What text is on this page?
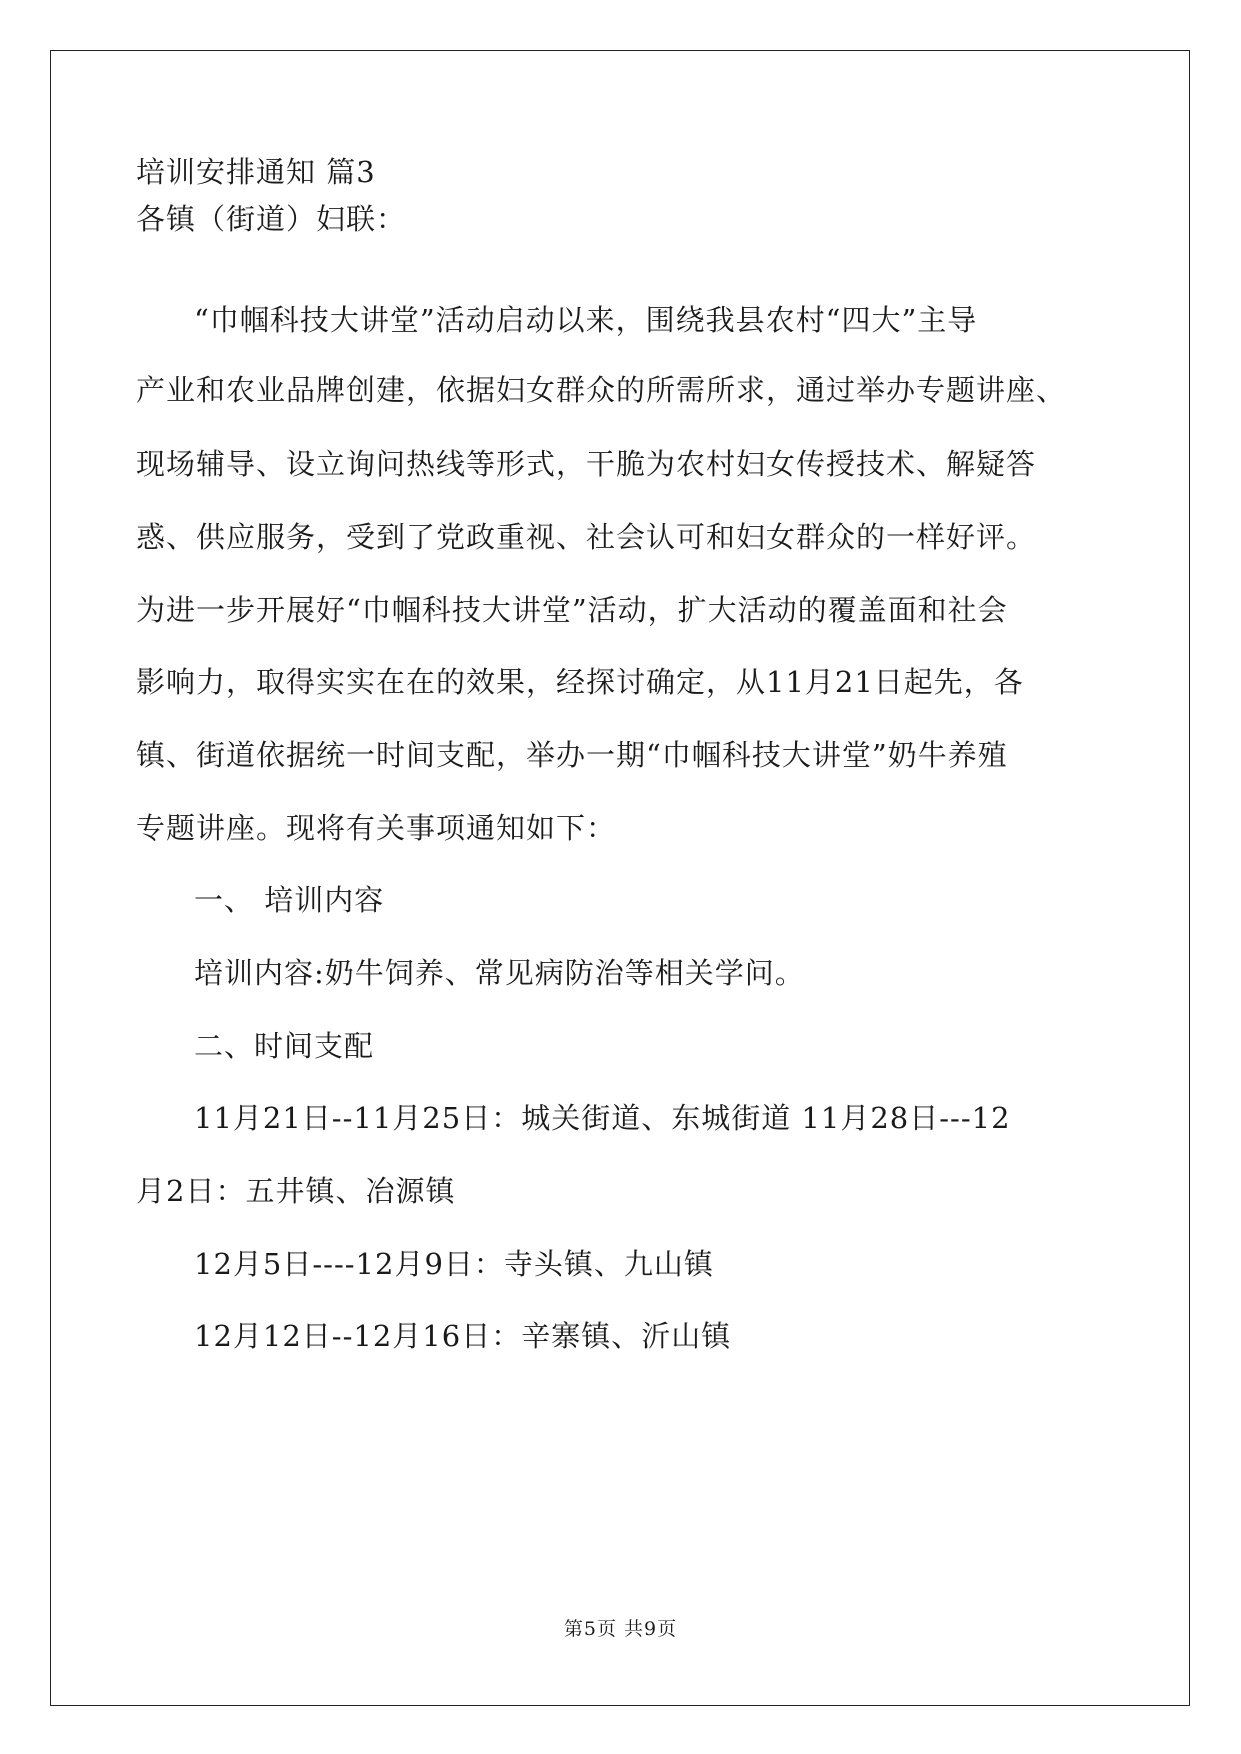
培训安排通知 篇3
各镇（街道）妇联：
“巾帼科技大讲堂”活动启动以来，围绕我县农村“四大”主导
产业和农业品牌创建，依据妇女群众的所需所求，通过举办专题讲座、
现场辅导、设立询问热线等形式，干脆为农村妇女传授技术、解疑答
惑、供应服务，受到了党政重视、社会认可和妇女群众的一样好评。
为进一步开展好“巾帼科技大讲堂”活动，扩大活动的覆盖面和社会
影响力，取得实实在在的效果，经探讨确定，从11月21日起先，各
镇、街道依据统一时间支配，举办一期“巾帼科技大讲堂”奶牛养殖
专题讲座。现将有关事项通知如下：
一、 培训内容
培训内容:奶牛饲养、常见病防治等相关学问。
二、时间支配
11月21日--11月25日：城关街道、东城街道 11月28日---12
月2日：五井镇、冶源镇
12月5日----12月9日：寺头镇、九山镇
12月12日--12月16日：辛寨镇、沂山镇
第5页 共9页
